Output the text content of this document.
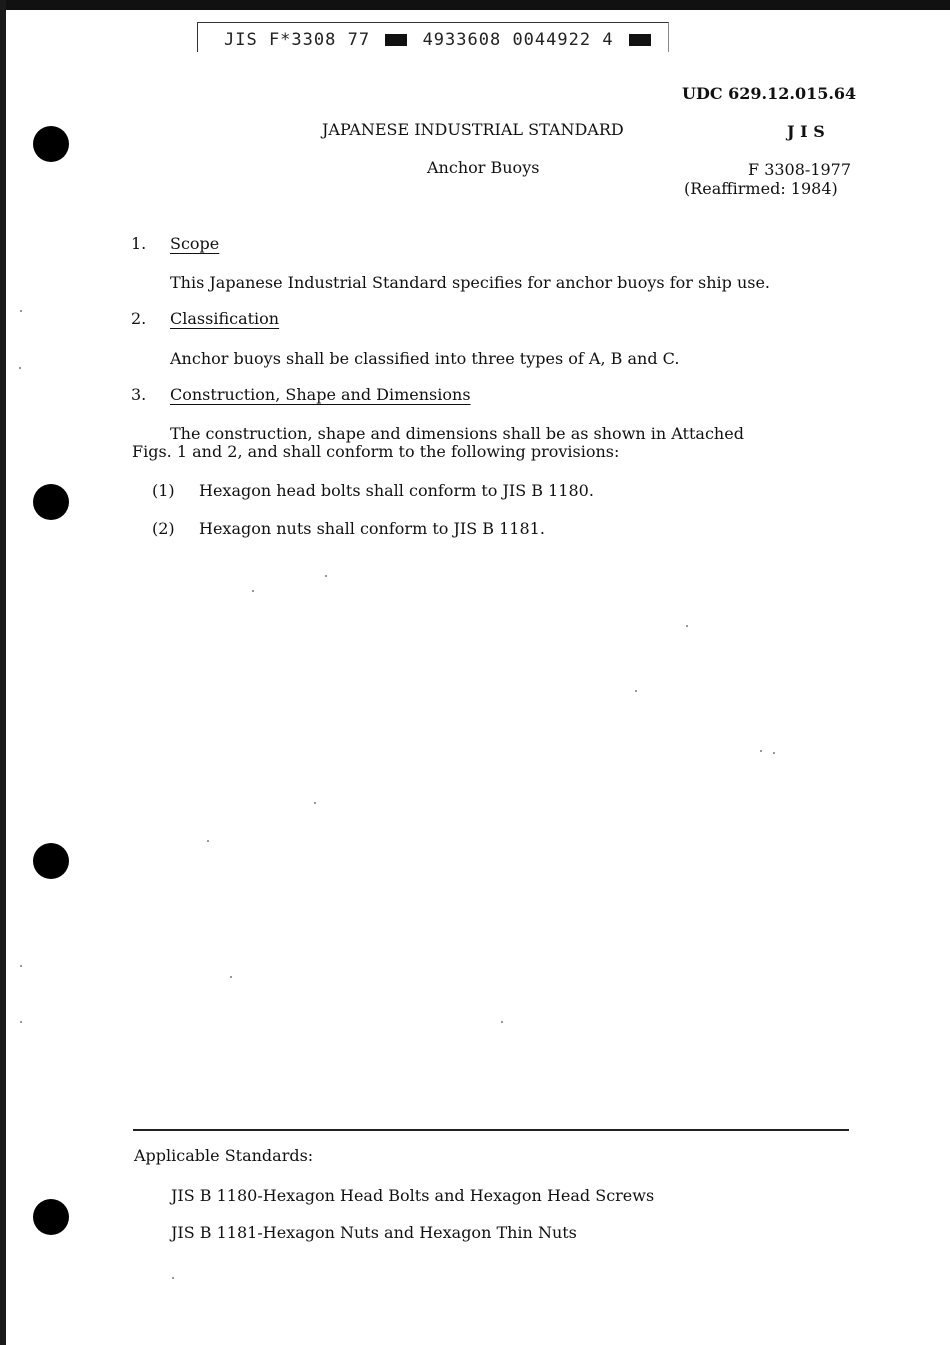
JIS F*3308 77	4933608 0044922 4
UDC 629.12.015.64
JAPANESE INDUSTRIAL STANDARD	J I S
Anchor Buoys	F 3308-1977
(Reaffirmed: 1984)
1. Scope
This Japanese Industrial Standard specifies for anchor buoys for ship use.
2. Classification
Anchor buoys shall be classified into three types of A, B and C.
3. Construction, Shape and Dimensions
The construction, shape and dimensions shall be as shown in Attached
Figs. 1 and 2, and shall conform to the following provisions:
(1) Hexagon head bolts shall conform to JIS B 1180.
(2) Hexagon nuts shall conform to JIS B 1181.
Applicable Standards:
JIS B 1180-Hexagon Head Bolts and Hexagon Head Screws
JIS B 1181-Hexagon Nuts and Hexagon Thin Nuts
